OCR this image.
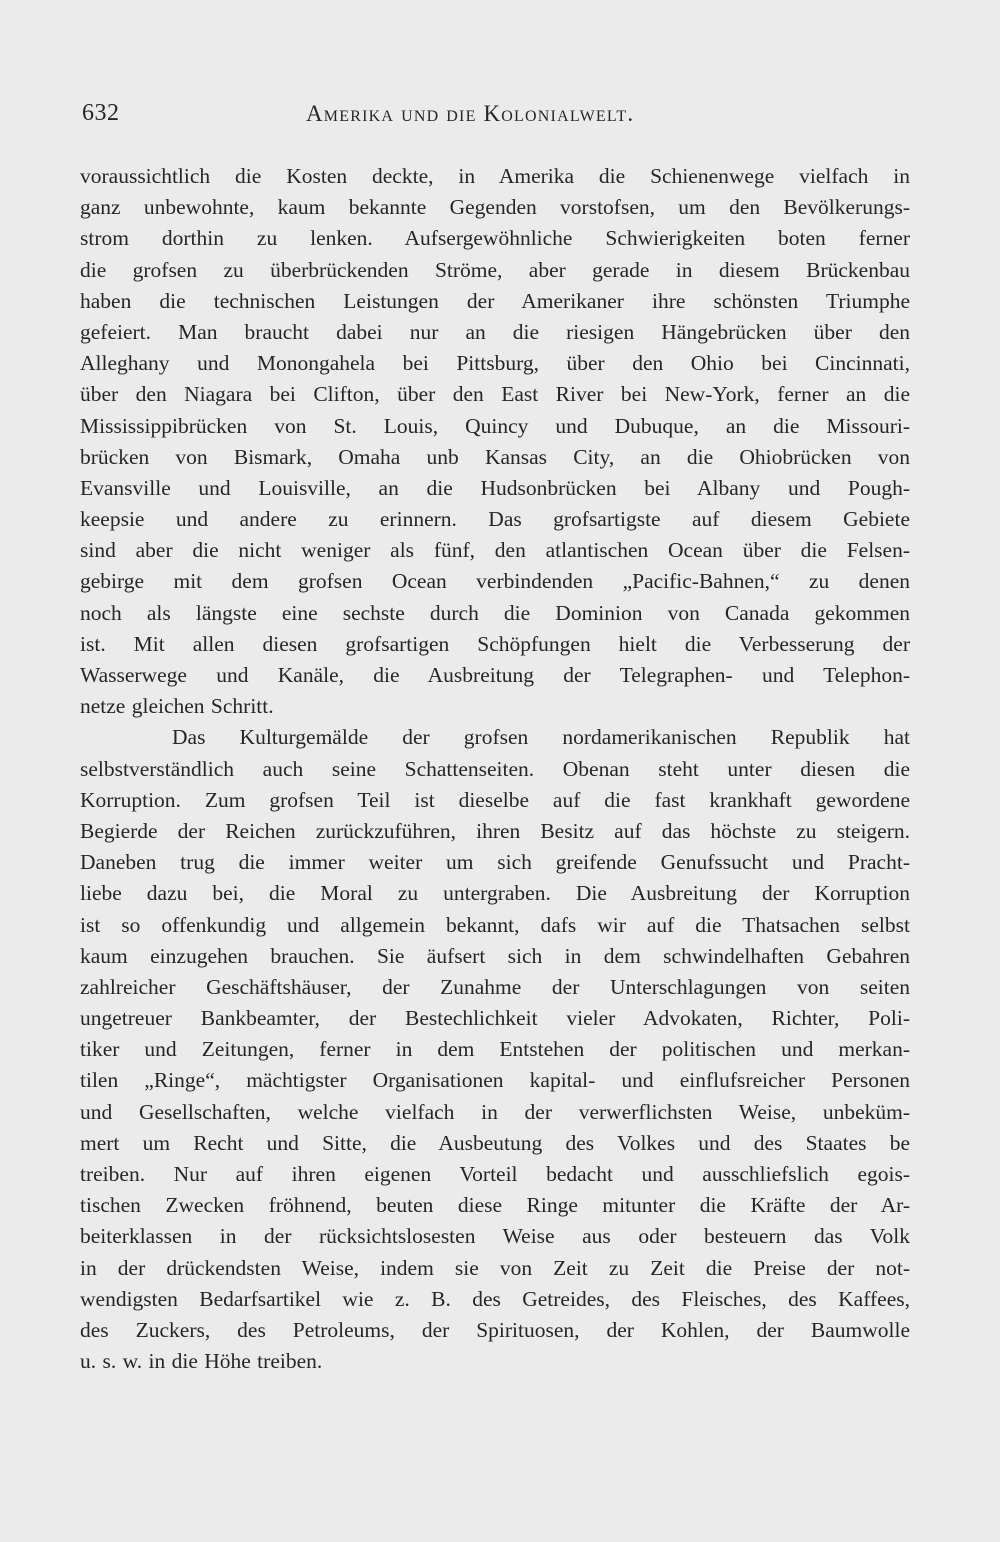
632	Amerika und die Kolonialwelt.
voraussichtlich die Kosten deckte, in Amerika die Schienenwege vielfach in
ganz unbewohnte, kaum bekannte Gegenden vorstofsen, um den Bevölkerungs-
strom dorthin zu lenken. Aufsergewöhnliche Schwierigkeiten boten ferner
die grofsen zu überbrückenden Ströme, aber gerade in diesem Brückenbau
haben die technischen Leistungen der Amerikaner ihre schönsten Triumphe
gefeiert. Man braucht dabei nur an die riesigen Hängebrücken über den
Alleghany und Monongahela bei Pittsburg, über den Ohio bei Cincinnati,
über den Niagara bei Clifton, über den East River bei New-York, ferner an die
Mississippibrücken von St. Louis, Quincy und Dubuque, an die Missouri-
brücken von Bismark, Omaha unb Kansas City, an die Ohiobrücken von
Evansville und Louisville, an die Hudsonbrücken bei Albany und Pough-
keepsie und andere zu erinnern. Das grofsartigste auf diesem Gebiete
sind aber die nicht weniger als fünf, den atlantischen Ocean über die Felsen-
gebirge mit dem grofsen Ocean verbindenden „Pacific-Bahnen,“ zu denen
noch als längste eine sechste durch die Dominion von Canada gekommen
ist. Mit allen diesen grofsartigen Schöpfungen hielt die Verbesserung der
Wasserwege und Kanäle, die Ausbreitung der Telegraphen- und Telephon-
netze gleichen Schritt.
Das Kulturgemälde der grofsen nordamerikanischen Republik hat
selbstverständlich auch seine Schattenseiten. Obenan steht unter diesen die
Korruption. Zum grofsen Teil ist dieselbe auf die fast krankhaft gewordene
Begierde der Reichen zurückzuführen, ihren Besitz auf das höchste zu steigern.
Daneben trug die immer weiter um sich greifende Genufssucht und Pracht-
liebe dazu bei, die Moral zu untergraben. Die Ausbreitung der Korruption
ist so offenkundig und allgemein bekannt, dafs wir auf die Thatsachen selbst
kaum einzugehen brauchen. Sie äufsert sich in dem schwindelhaften Gebahren
zahlreicher Geschäftshäuser, der Zunahme der Unterschlagungen von seiten
ungetreuer Bankbeamter, der Bestechlichkeit vieler Advokaten, Richter, Poli-
tiker und Zeitungen, ferner in dem Entstehen der politischen und merkan-
tilen „Ringe“, mächtigster Organisationen kapital- und einflufsreicher Personen
und Gesellschaften, welche vielfach in der verwerflichsten Weise, unbeküm-
mert um Recht und Sitte, die Ausbeutung des Volkes und des Staates be
treiben. Nur auf ihren eigenen Vorteil bedacht und ausschliefslich egois-
tischen Zwecken fröhnend, beuten diese Ringe mitunter die Kräfte der Ar-
beiterklassen in der rücksichtslosesten Weise aus oder besteuern das Volk
in der drückendsten Weise, indem sie von Zeit zu Zeit die Preise der not-
wendigsten Bedarfsartikel wie z. B. des Getreides, des Fleisches, des Kaffees,
des Zuckers, des Petroleums, der Spirituosen, der Kohlen, der Baumwolle
u. s. w. in die Höhe treiben.
